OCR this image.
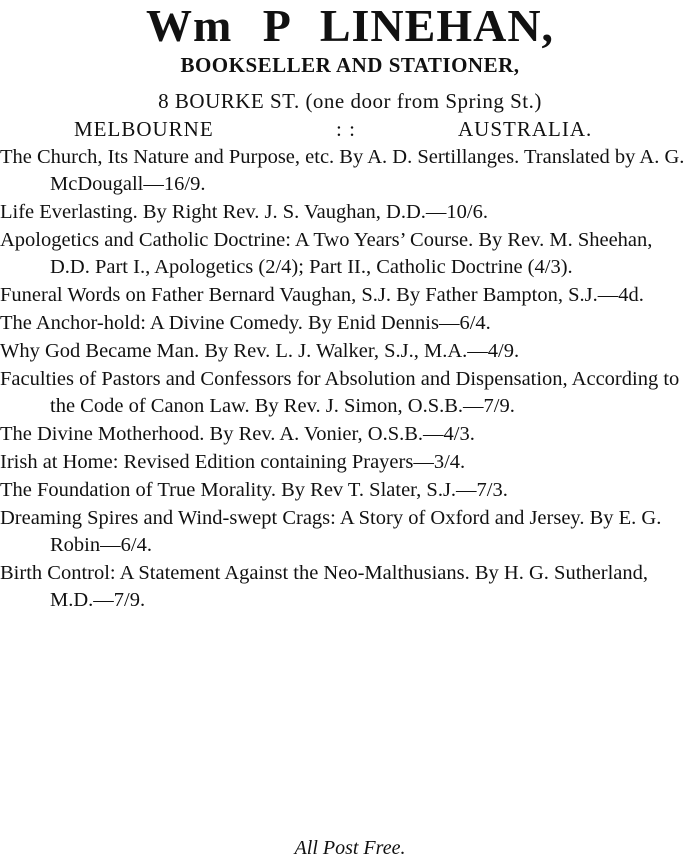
Wm P LINEHAN,
BOOKSELLER AND STATIONER,
8 BOURKE ST. (one door from Spring St.)
MELBOURNE	: :	AUSTRALIA.
The Church, Its Nature and Purpose, etc. By A. D. Sertillanges. Translated by A. G. McDougall—16/9.
Life Everlasting. By Right Rev. J. S. Vaughan, D.D.—10/6.
Apologetics and Catholic Doctrine: A Two Years’ Course. By Rev. M. Sheehan, D.D. Part I., Apologetics (2/4); Part II., Catholic Doctrine (4/3).
Funeral Words on Father Bernard Vaughan, S.J. By Father Bampton, S.J.—4d.
The Anchor-hold: A Divine Comedy. By Enid Dennis—6/4.
Why God Became Man. By Rev. L. J. Walker, S.J., M.A.—4/9.
Faculties of Pastors and Confessors for Absolution and Dispensation, According to the Code of Canon Law. By Rev. J. Simon, O.S.B.—7/9.
The Divine Motherhood. By Rev. A. Vonier, O.S.B.—4/3.
Irish at Home: Revised Edition containing Prayers—3/4.
The Foundation of True Morality. By Rev T. Slater, S.J.—7/3.
Dreaming Spires and Wind-swept Crags: A Story of Oxford and Jersey. By E. G. Robin—6/4.
Birth Control: A Statement Against the Neo-Malthusians. By H. G. Sutherland, M.D.—7/9.
All Post Free.
